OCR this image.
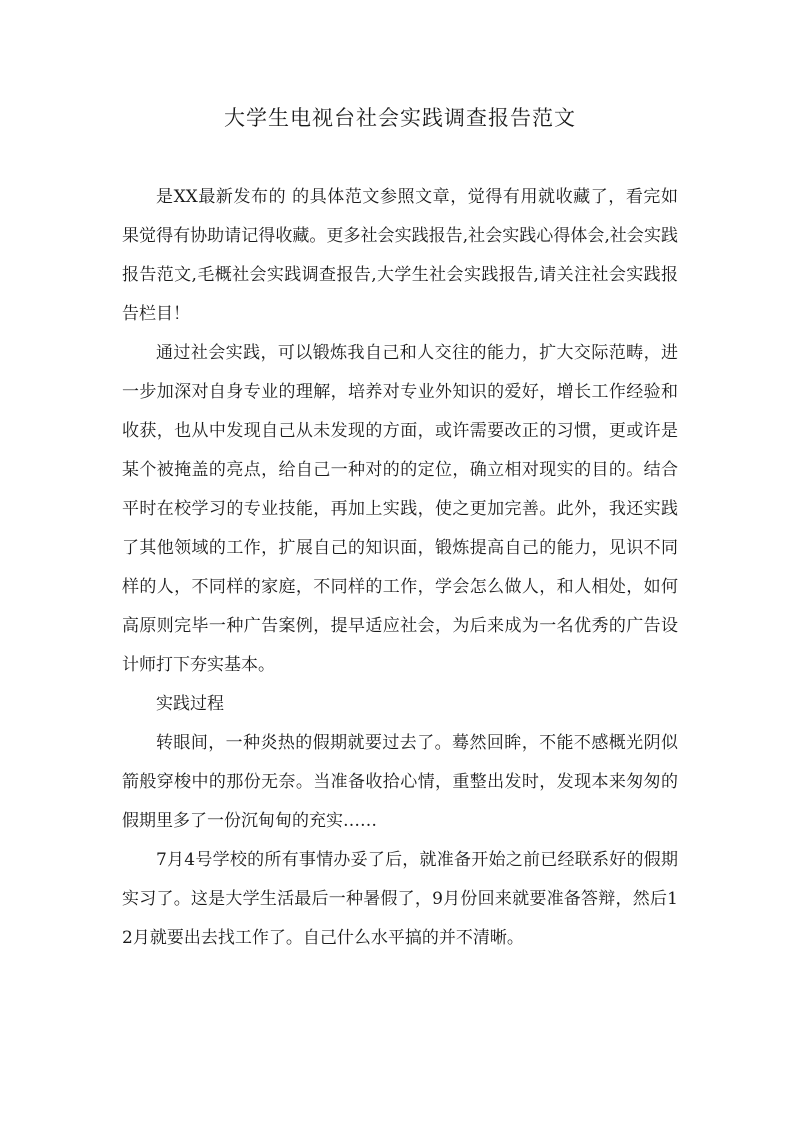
大学生电视台社会实践调查报告范文

是XX最新发布的 的具体范文参照文章，觉得有用就收藏了，看完如果觉得有协助请记得收藏。更多社会实践报告,社会实践心得体会,社会实践报告范文,毛概社会实践调查报告,大学生社会实践报告,请关注社会实践报告栏目！

通过社会实践，可以锻炼我自己和人交往的能力，扩大交际范畴，进一步加深对自身专业的理解，培养对专业外知识的爱好，增长工作经验和收获，也从中发现自己从未发现的方面，或许需要改正的习惯，更或许是某个被掩盖的亮点，给自己一种对的的定位，确立相对现实的目的。结合平时在校学习的专业技能，再加上实践，使之更加完善。此外，我还实践了其他领域的工作，扩展自己的知识面，锻炼提高自己的能力，见识不同样的人，不同样的家庭，不同样的工作，学会怎么做人，和人相处，如何高原则完毕一种广告案例，提早适应社会，为后来成为一名优秀的广告设计师打下夯实基本。

实践过程

转眼间，一种炎热的假期就要过去了。蓦然回眸，不能不感概光阴似箭般穿梭中的那份无奈。当准备收拾心情，重整出发时，发现本来匆匆的假期里多了一份沉甸甸的充实……

7月4号学校的所有事情办妥了后，就准备开始之前已经联系好的假期实习了。这是大学生活最后一种暑假了，9月份回来就要准备答辩，然后12月就要出去找工作了。自己什么水平搞的并不清晰。
